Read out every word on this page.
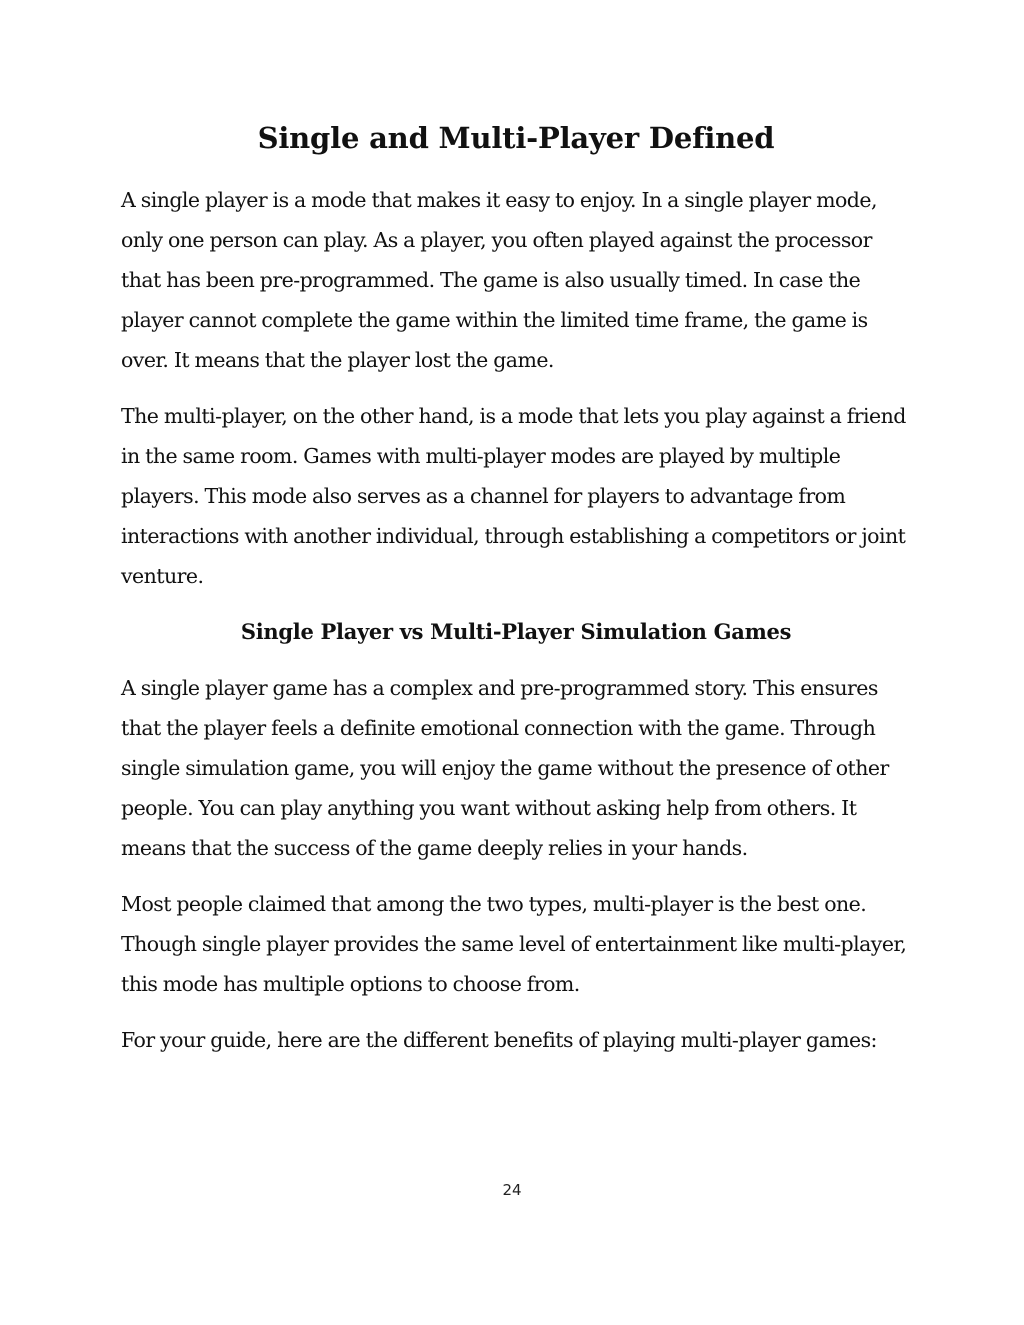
Single and Multi-Player Defined

A single player is a mode that makes it easy to enjoy. In a single player mode, only one person can play. As a player, you often played against the processor that has been pre-programmed. The game is also usually timed. In case the player cannot complete the game within the limited time frame, the game is over. It means that the player lost the game.

The multi-player, on the other hand, is a mode that lets you play against a friend in the same room. Games with multi-player modes are played by multiple players. This mode also serves as a channel for players to advantage from interactions with another individual, through establishing a competitors or joint venture.

Single Player vs Multi-Player Simulation Games

A single player game has a complex and pre-programmed story. This ensures that the player feels a definite emotional connection with the game. Through single simulation game, you will enjoy the game without the presence of other people. You can play anything you want without asking help from others. It means that the success of the game deeply relies in your hands.

Most people claimed that among the two types, multi-player is the best one. Though single player provides the same level of entertainment like multi-player, this mode has multiple options to choose from.

For your guide, here are the different benefits of playing multi-player games:

24
